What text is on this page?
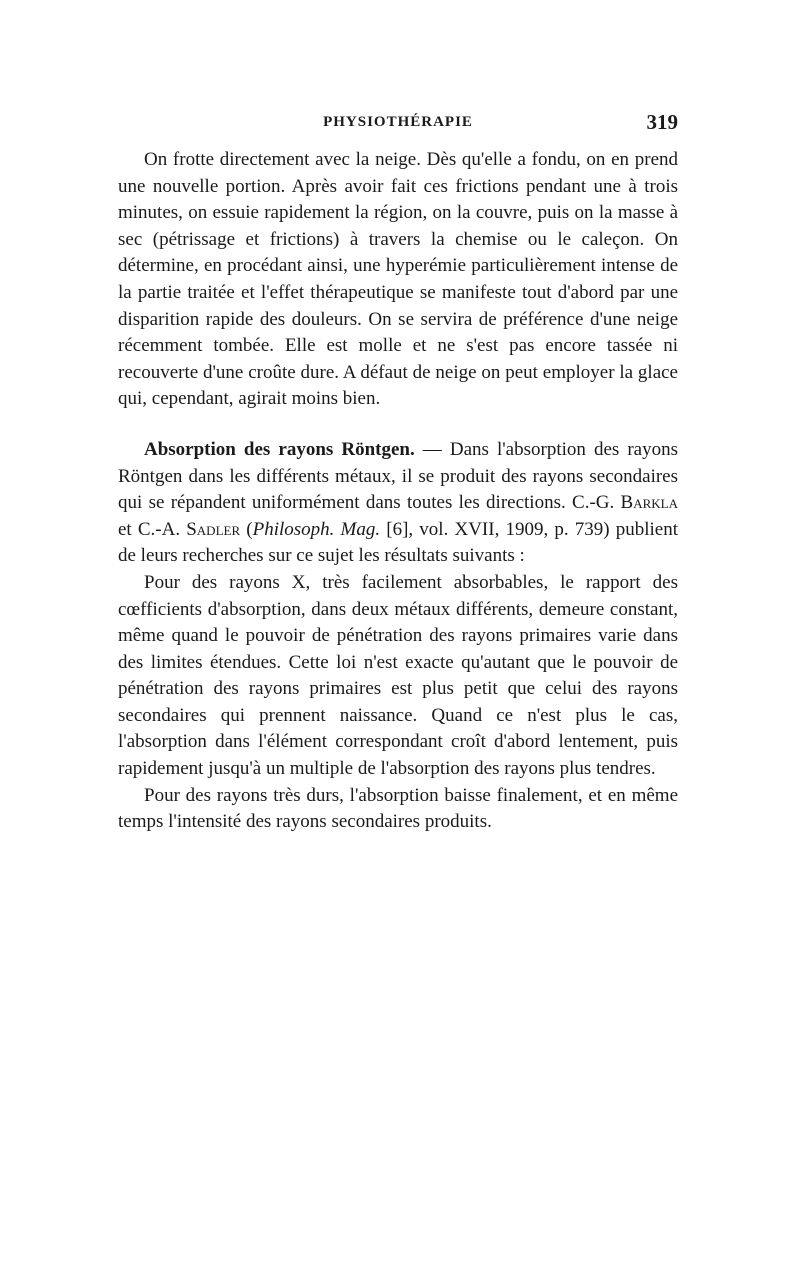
PHYSIOTHÉRAPIE	319

On frotte directement avec la neige. Dès qu'elle a fondu, on en prend une nouvelle portion. Après avoir fait ces frictions pendant une à trois minutes, on essuie rapidement la région, on la couvre, puis on la masse à sec (pétrissage et frictions) à travers la chemise ou le caleçon. On détermine, en procédant ainsi, une hyperémie particulièrement intense de la partie traitée et l'effet thérapeutique se manifeste tout d'abord par une disparition rapide des douleurs. On se servira de préférence d'une neige récemment tombée. Elle est molle et ne s'est pas encore tassée ni recouverte d'une croûte dure. A défaut de neige on peut employer la glace qui, cependant, agirait moins bien.

Absorption des rayons Röntgen. — Dans l'absorption des rayons Röntgen dans les différents métaux, il se produit des rayons secondaires qui se répandent uniformément dans toutes les directions. C.-G. Barkla et C.-A. Sadler (Philosoph. Mag. [6], vol. XVII, 1909, p. 739) publient de leurs recherches sur ce sujet les résultats suivants :

Pour des rayons X, très facilement absorbables, le rapport des cœfficients d'absorption, dans deux métaux différents, demeure constant, même quand le pouvoir de pénétration des rayons primaires varie dans des limites étendues. Cette loi n'est exacte qu'autant que le pouvoir de pénétration des rayons primaires est plus petit que celui des rayons secondaires qui prennent naissance. Quand ce n'est plus le cas, l'absorption dans l'élément correspondant croît d'abord lentement, puis rapidement jusqu'à un multiple de l'absorption des rayons plus tendres.

Pour des rayons très durs, l'absorption baisse finalement, et en même temps l'intensité des rayons secondaires produits.
